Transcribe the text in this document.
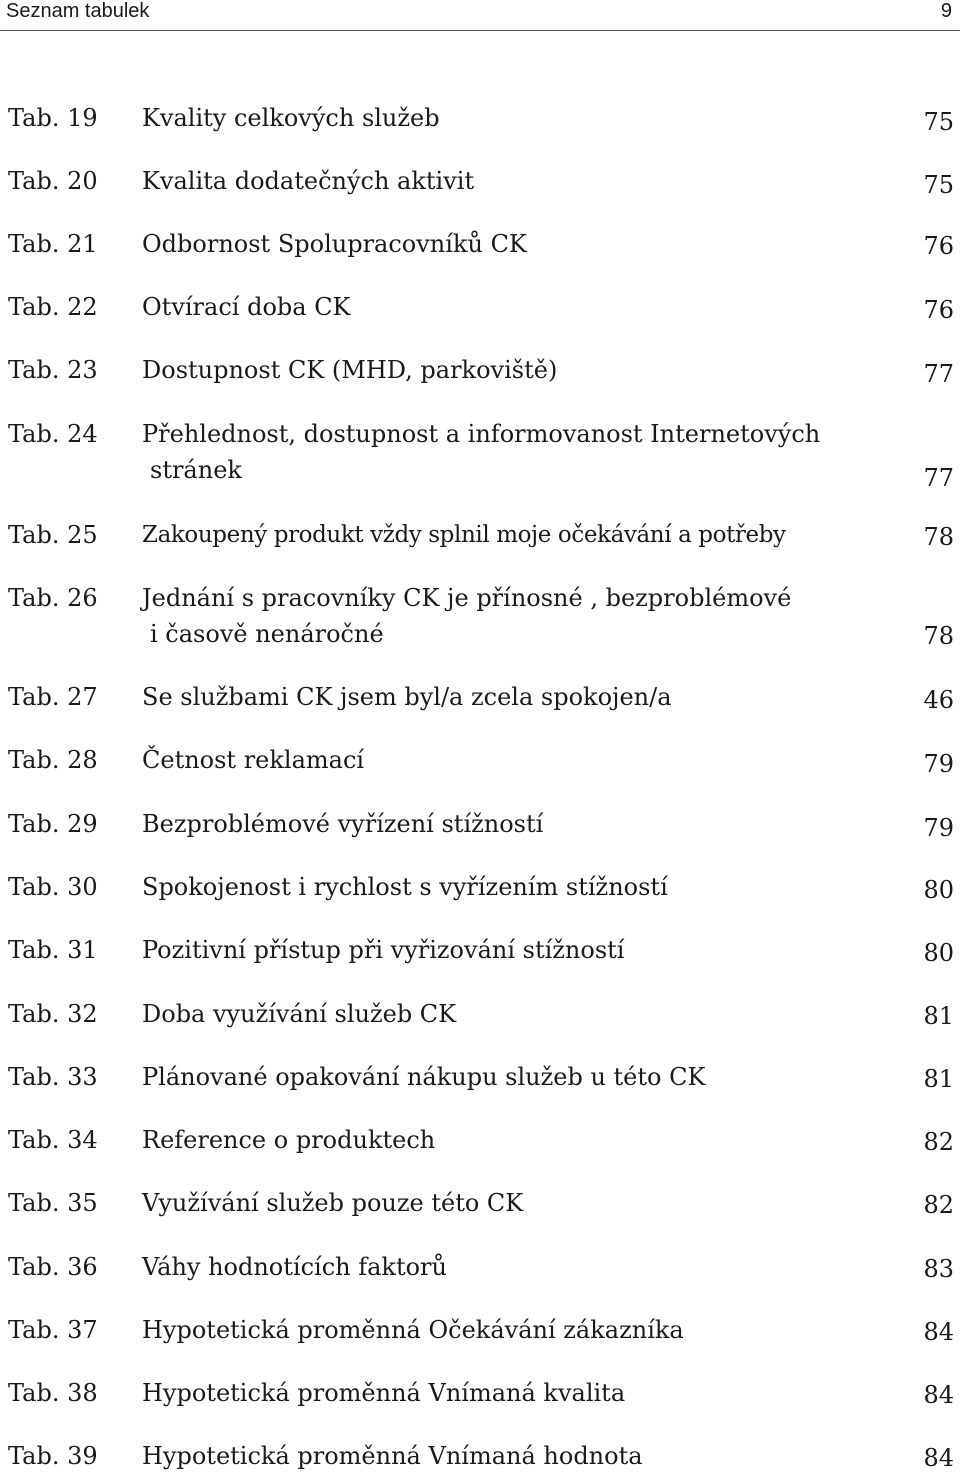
Seznam tabulek	9
Tab. 19 Kvality celkových služeb	75
Tab. 20 Kvalita dodatečných aktivit	75
Tab. 21 Odbornost Spolupracovníků CK	76
Tab. 22 Otvírací doba CK	76
Tab. 23 Dostupnost CK (MHD, parkoviště)	77
Tab. 24 Přehlednost, dostupnost a informovanost Internetových
stránek	77
Tab. 25 Zakoupený produkt vždy splnil moje očekávání a potřeby	78
Tab. 26 Jednání s pracovníky CK je přínosné , bezproblémové
i časově nenáročné	78
Tab. 27 Se službami CK jsem byl/a zcela spokojen/a	46
Tab. 28 Četnost reklamací	79
Tab. 29 Bezproblémové vyřízení stížností	79
Tab. 30 Spokojenost i rychlost s vyřízením stížností	80
Tab. 31 Pozitivní přístup při vyřizování stížností	80
Tab. 32 Doba využívání služeb CK	81
Tab. 33 Plánované opakování nákupu služeb u této CK	81
Tab. 34 Reference o produktech	82
Tab. 35 Využívání služeb pouze této CK	82
Tab. 36 Váhy hodnotících faktorů	83
Tab. 37 Hypotetická proměnná Očekávání zákazníka	84
Tab. 38 Hypotetická proměnná Vnímaná kvalita	84
Tab. 39 Hypotetická proměnná Vnímaná hodnota	84
